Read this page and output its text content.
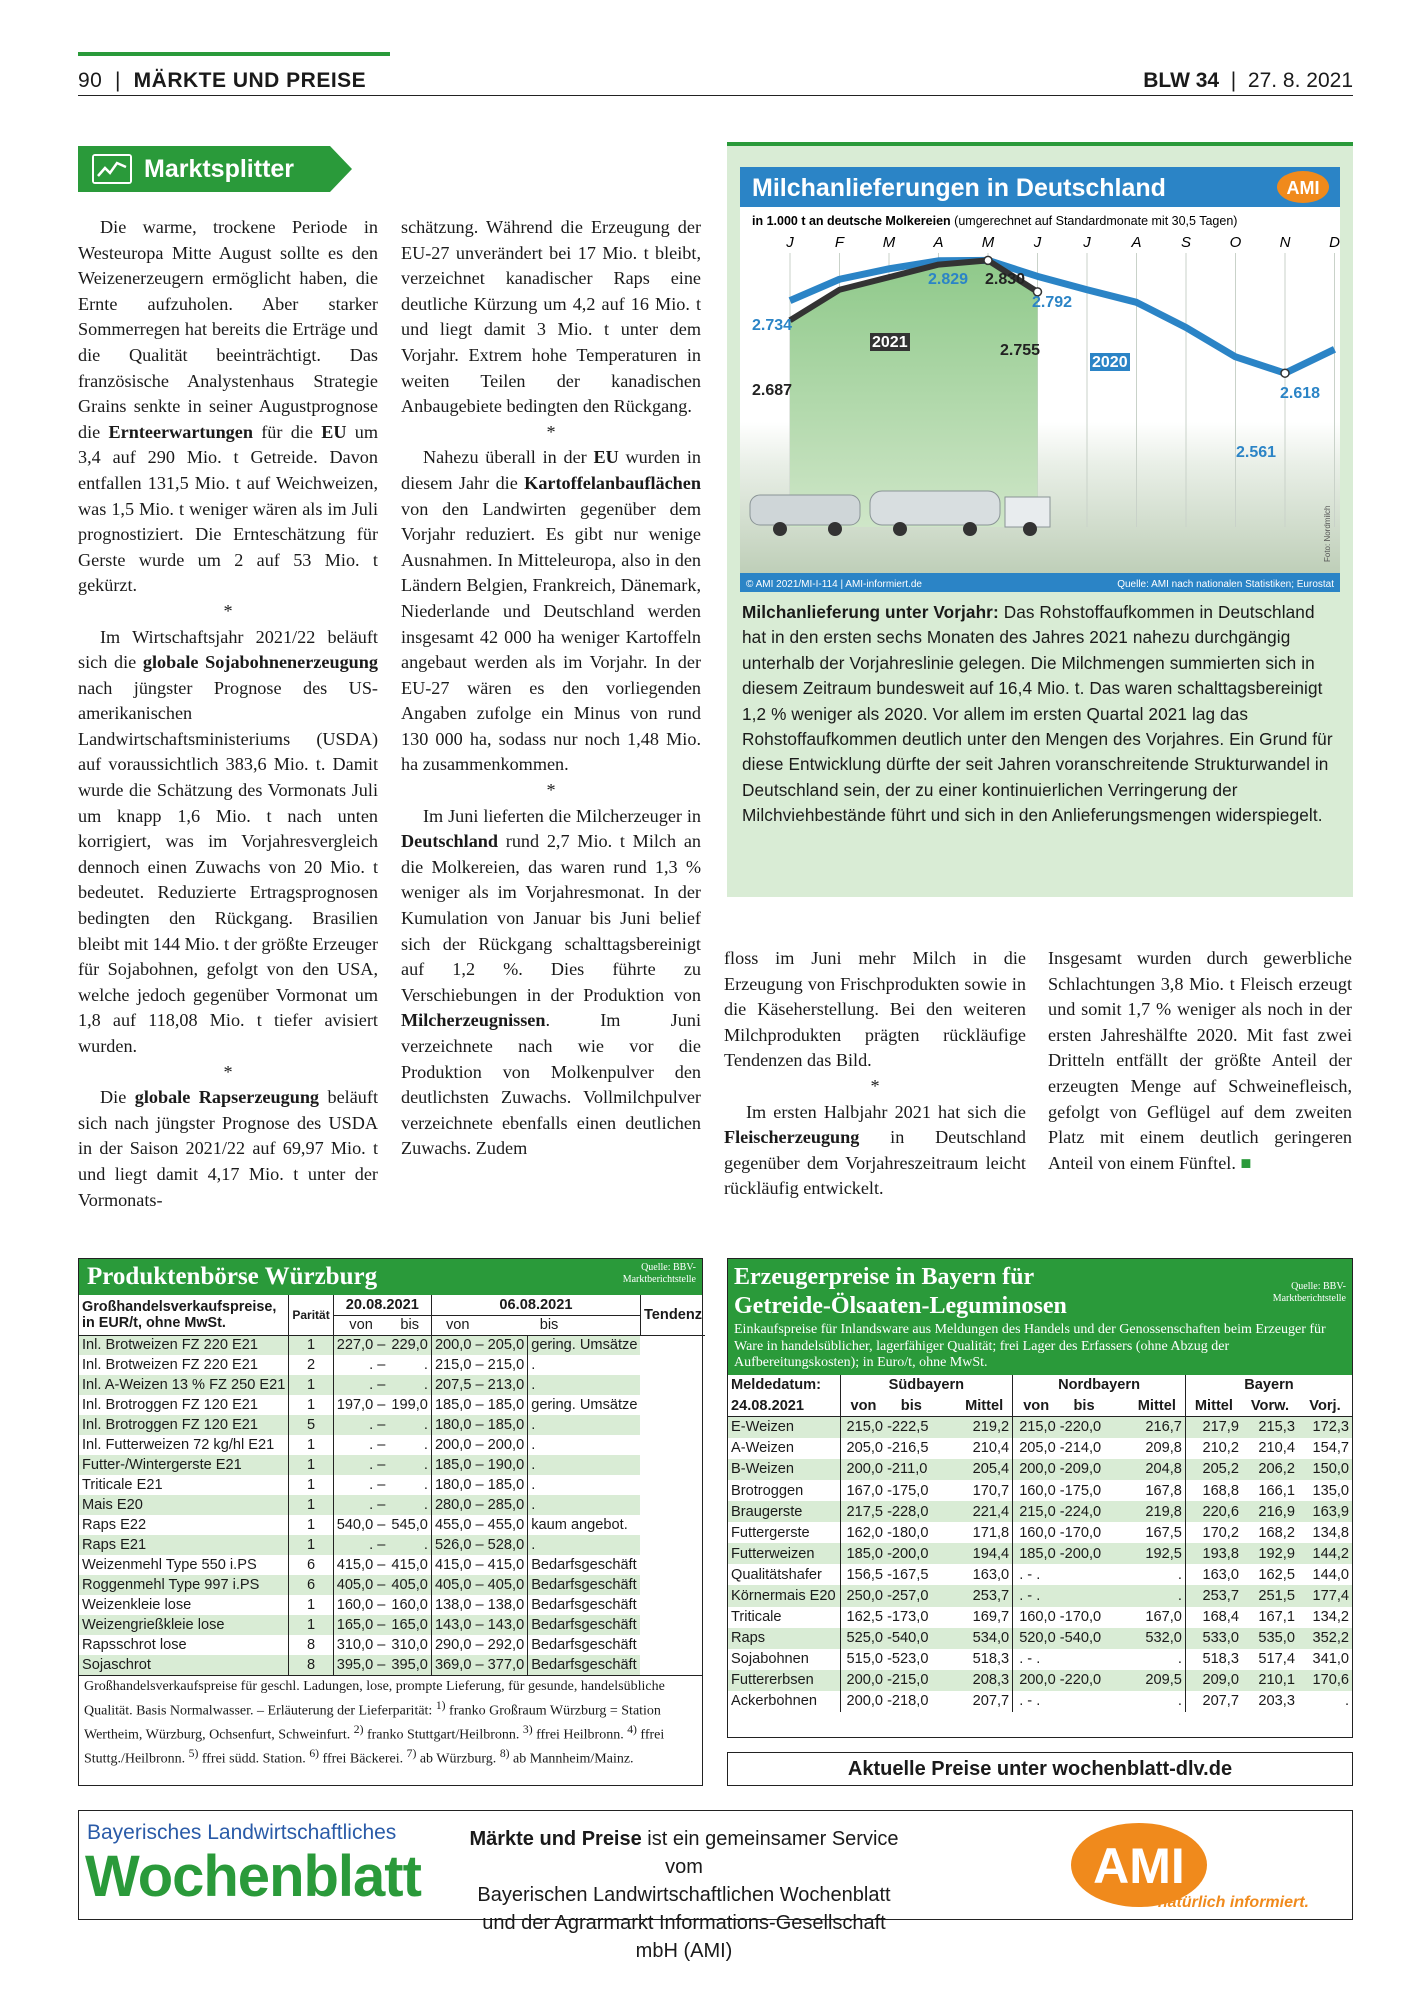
90  |  MÄRKTE UND PREISE	BLW 34  |  27. 8. 2021
Marktsplitter

Die warme, trockene Periode in Westeuropa Mitte August sollte es den Weizenerzeugern ermöglicht haben, die Ernte aufzuholen. Aber starker Sommerregen hat bereits die Erträge und die Qualität beeinträchtigt. Das französische Analystenhaus Strategie Grains senkte in seiner Augustprognose die Ernteerwartungen für die EU um 3,4 auf 290 Mio. t Getreide. Davon entfallen 131,5 Mio. t auf Weichweizen, was 1,5 Mio. t weniger wären als im Juli prognostiziert. Die Ernteschätzung für Gerste wurde um 2 auf 53 Mio. t gekürzt.

*

Im Wirtschaftsjahr 2021/22 beläuft sich die globale Sojabohnenerzeugung nach jüngster Prognose des US-amerikanischen Landwirtschaftsministeriums (USDA) auf voraussichtlich 383,6 Mio. t. Damit wurde die Schätzung des Vormonats Juli um knapp 1,6 Mio. t nach unten korrigiert, was im Vorjahresvergleich dennoch einen Zuwachs von 20 Mio. t bedeutet. Reduzierte Ertragsprognosen bedingten den Rückgang. Brasilien bleibt mit 144 Mio. t der größte Erzeuger für Sojabohnen, gefolgt von den USA, welche jedoch gegenüber Vormonat um 1,8 auf 118,08 Mio. t tiefer avisiert wurden.

*

Die globale Rapserzeugung beläuft sich nach jüngster Prognose des USDA in der Saison 2021/22 auf 69,97 Mio. t und liegt damit 4,17 Mio. t unter der Vormonats-

schätzung. Während die Erzeugung der EU-27 unverändert bei 17 Mio. t bleibt, verzeichnet kanadischer Raps eine deutliche Kürzung um 4,2 auf 16 Mio. t und liegt damit 3 Mio. t unter dem Vorjahr. Extrem hohe Temperaturen in weiten Teilen der kanadischen Anbaugebiete bedingten den Rückgang.

*

Nahezu überall in der EU wurden in diesem Jahr die Kartoffelanbauflächen von den Landwirten gegenüber dem Vorjahr reduziert. Es gibt nur wenige Ausnahmen. In Mitteleuropa, also in den Ländern Belgien, Frankreich, Dänemark, Niederlande und Deutschland werden insgesamt 42 000 ha weniger Kartoffeln angebaut werden als im Vorjahr. In der EU-27 wären es den vorliegenden Angaben zufolge ein Minus von rund 130 000 ha, sodass nur noch 1,48 Mio. ha zusammenkommen.

*

Im Juni lieferten die Milcherzeuger in Deutschland rund 2,7 Mio. t Milch an die Molkereien, das waren rund 1,3 % weniger als im Vorjahresmonat. In der Kumulation von Januar bis Juni belief sich der Rückgang schalttagsbereinigt auf 1,2 %. Dies führte zu Verschiebungen in der Produktion von Milcherzeugnissen. Im Juni verzeichnete nach wie vor die Produktion von Molkenpulver den deutlichsten Zuwachs. Vollmilchpulver verzeichnete ebenfalls einen deutlichen Zuwachs. Zudem

floss im Juni mehr Milch in die Erzeugung von Frischprodukten sowie in die Käseherstellung. Bei den weiteren Milchprodukten prägten rückläufige Tendenzen das Bild.

*

Im ersten Halbjahr 2021 hat sich die Fleischerzeugung in Deutschland gegenüber dem Vorjahreszeitraum leicht rückläufig entwickelt.

Insgesamt wurden durch gewerbliche Schlachtungen 3,8 Mio. t Fleisch erzeugt und somit 1,7 % weniger als noch in der ersten Jahreshälfte 2020. Mit fast zwei Dritteln entfällt der größte Anteil der erzeugten Menge auf Schweinefleisch, gefolgt von Geflügel auf dem zweiten Platz mit einem deutlich geringeren Anteil von einem Fünftel. ■

Milchanlieferungen in Deutschland	AMI
in 1.000 t an deutsche Molkereien (umgerechnet auf Standardmonate mit 30,5 Tagen)
J	F	M	A	M	J	J	A	S	O	N	D
2.734
2.687
2.829 2.830
2.792
2.755
2.618
2.561
2021
2020
© AMI 2021/MI-I-114 | AMI-informiert.de	Quelle: AMI nach nationalen Statistiken; Eurostat
Foto: Nordmilch
Milchanlieferung unter Vorjahr: Das Rohstoffaufkommen in Deutschland hat in den ersten sechs Monaten des Jahres 2021 nahezu durchgängig unterhalb der Vorjahreslinie gelegen. Die Milchmengen summierten sich in diesem Zeitraum bundesweit auf 16,4 Mio. t. Das waren schalttagsbereinigt 1,2 % weniger als 2020. Vor allem im ersten Quartal 2021 lag das Rohstoffaufkommen deutlich unter den Mengen des Vorjahres. Ein Grund für diese Entwicklung dürfte der seit Jahren voranschreitende Strukturwandel in Deutschland sein, der zu einer kontinuierlichen Verringerung der Milchviehbestände führt und sich in den Anlieferungsmengen widerspiegelt.
Produktenbörse Würzburg	Quelle: BBV-Marktberichtstelle
Großhandelsverkaufspreise, in EUR/t, ohne MwSt.	Parität	20.08.2021		06.08.2021		Tendenz
		von	bis	von	bis	
Inl. Brotweizen FZ 220 E21	1	227,0 –	229,0	200,0 – 205,0	gering. Umsätze	
Inl. Brotweizen FZ 220 E21	2	. –	.	215,0 – 215,0	.	
Inl. A-Weizen 13 % FZ 250 E21	1	. –	.	207,5 – 213,0	.	
Inl. Brotroggen FZ 120 E21	1	197,0 –	199,0	185,0 – 185,0	gering. Umsätze	
Inl. Brotroggen FZ 120 E21	5	. –	.	180,0 – 185,0	.	
Inl. Futterweizen 72 kg/hl E21	1	. –	.	200,0 – 200,0	.	
Futter-/Wintergerste E21	1	. –	.	185,0 – 190,0	.	
Triticale E21	1	. –	.	180,0 – 185,0	.	
Mais E20	1	. –	.	280,0 – 285,0	.	
Raps E22	1	540,0 –	545,0	455,0 – 455,0	kaum angebot.	
Raps E21	1	. –	.	526,0 – 528,0	.	
Weizenmehl Type 550 i.PS	6	415,0 –	415,0	415,0 – 415,0	Bedarfsgeschäft	
Roggenmehl Type 997 i.PS	6	405,0 –	405,0	405,0 – 405,0	Bedarfsgeschäft	
Weizenkleie lose	1	160,0 –	160,0	138,0 – 138,0	Bedarfsgeschäft	
Weizengrießkleie lose	1	165,0 –	165,0	143,0 – 143,0	Bedarfsgeschäft	
Rapsschrot lose	8	310,0 –	310,0	290,0 – 292,0	Bedarfsgeschäft	
Sojaschrot	8	395,0 –	395,0	369,0 – 377,0	Bedarfsgeschäft	
Großhandelsverkaufspreise für geschl. Ladungen, lose, prompte Lieferung, für gesunde, handelsübliche Qualität. Basis Normalwasser. – Erläuterung der Lieferparität: $^{1)}$ franko Großraum Würzburg = Station Wertheim, Würzburg, Ochsenfurt, Schweinfurt. $^{2)}$ franko Stuttgart/Heilbronn. $^{3)}$ ffrei Heilbronn. $^{4)}$ ffrei Stuttg./Heilbronn. $^{5)}$ ffrei südd. Station. $^{6)}$ ffrei Bäckerei. $^{7)}$ ab Würzburg. $^{8)}$ ab Mannheim/Mainz.
Erzeugerpreise in Bayern für
Getreide-Ölsaaten-Leguminosen
Quelle: BBV-Marktberichtstelle
Einkaufspreise für Inlandsware aus Meldungen des Handels und der Genossenschaften beim Erzeuger für Ware in handelsüblicher, lagerfähiger Qualität; frei Lager des Erfassers (ohne Abzug der Aufbereitungskosten); in Euro/t, ohne MwSt.
Meldedatum:	Südbayern		Nordbayern		Bayern		
24.08.2021	von bis	Mittel	von bis	Mittel	Mittel	Vorw.	Vorj.
E-Weizen	215,0 -222,5	219,2	215,0 -220,0	216,7	217,9	215,3	172,3
A-Weizen	205,0 -216,5	210,4	205,0 -214,0	209,8	210,2	210,4	154,7
B-Weizen	200,0 -211,0	205,4	200,0 -209,0	204,8	205,2	206,2	150,0
Brotroggen	167,0 -175,0	170,7	160,0 -175,0	167,8	168,8	166,1	135,0
Braugerste	217,5 -228,0	221,4	215,0 -224,0	219,8	220,6	216,9	163,9
Futtergerste	162,0 -180,0	171,8	160,0 -170,0	167,5	170,2	168,2	134,8
Futterweizen	185,0 -200,0	194,4	185,0 -200,0	192,5	193,8	192,9	144,2
Qualitätshafer	156,5 -167,5	163,0	. - .	.	163,0	162,5	144,0
Körnermais E20	250,0 -257,0	253,7	. - .	.	253,7	251,5	177,4
Triticale	162,5 -173,0	169,7	160,0 -170,0	167,0	168,4	167,1	134,2
Raps	525,0 -540,0	534,0	520,0 -540,0	532,0	533,0	535,0	352,2
Sojabohnen	515,0 -523,0	518,3	. - .	.	518,3	517,4	341,0
Futtererbsen	200,0 -215,0	208,3	200,0 -220,0	209,5	209,0	210,1	170,6
Ackerbohnen	200,0 -218,0	207,7	. - .	.	207,7	203,3	.
Aktuelle Preise unter wochenblatt-dlv.de
Bayerisches Landwirtschaftliches
Wochenblatt
Märkte und Preise ist ein gemeinsamer Service vom
Bayerischen Landwirtschaftlichen Wochenblatt
und der Agrarmarkt Informations-Gesellschaft mbH (AMI)
AMI
natürlich informiert.
